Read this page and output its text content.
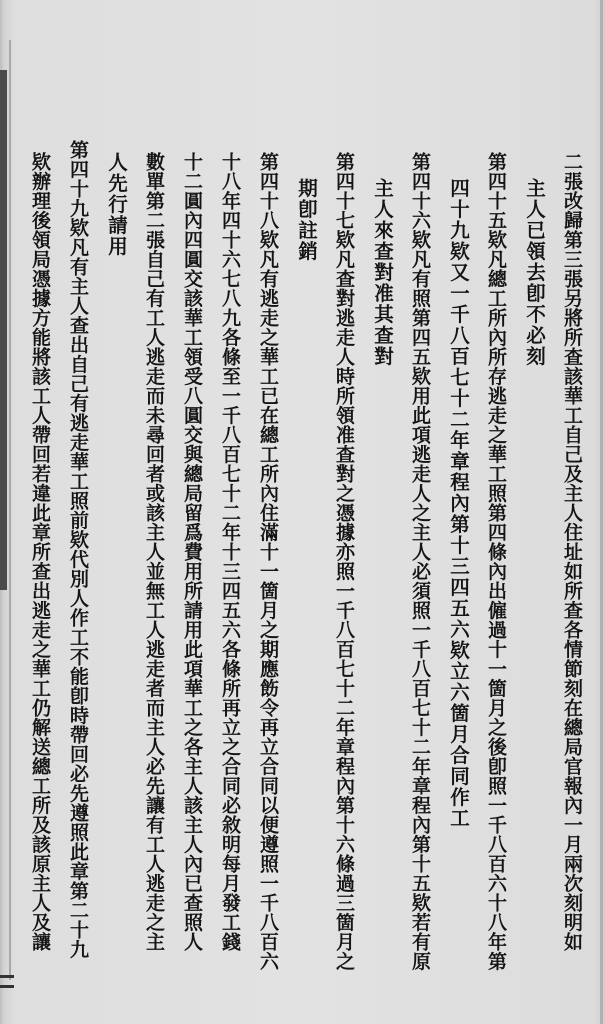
二張改歸第三張另將所查該華工自己及主人住址如所查各情節刻在總局官報內一月兩次刻明如
主人已領去卽不必刻
第四十五欵凡總工所內所存逃走之華工照第四條內出僱過十一箇月之後卽照一千八百六十八年第
四十九欵又一千八百七十二年章程內第十三四五六欵立六箇月合同作工
第四十六欵凡有照第四五欵用此項逃走人之主人必須照一千八百七十二年章程內第十五欵若有原
主人來查對准其查對
第四十七欵凡查對逃走人時所領准查對之憑據亦照一千八百七十二年章程內第十六條過三箇月之
期卽註銷
第四十八欵凡有逃走之華工已在總工所內住滿十一箇月之期應飭令再立合同以便遵照一千八百六
十八年四十六七八九各條至一千八百七十二年十三四五六各條所再立之合同必敘明每月發工錢
十二圓內四圓交該華工領受八圓交與總局留爲費用所請用此項華工之各主人該主人內已查照人
數單第二張自己有工人逃走而未尋回者或該主人並無工人逃走者而主人必先讓有工人逃走之主
人先行請用
第四十九欵凡有主人查出自己有逃走華工照前欵代別人作工不能卽時帶回必先遵照此章第二十九
欵辦理後領局憑據方能將該工人帶回若違此章所查出逃走之華工仍解送總工所及該原主人及讓
